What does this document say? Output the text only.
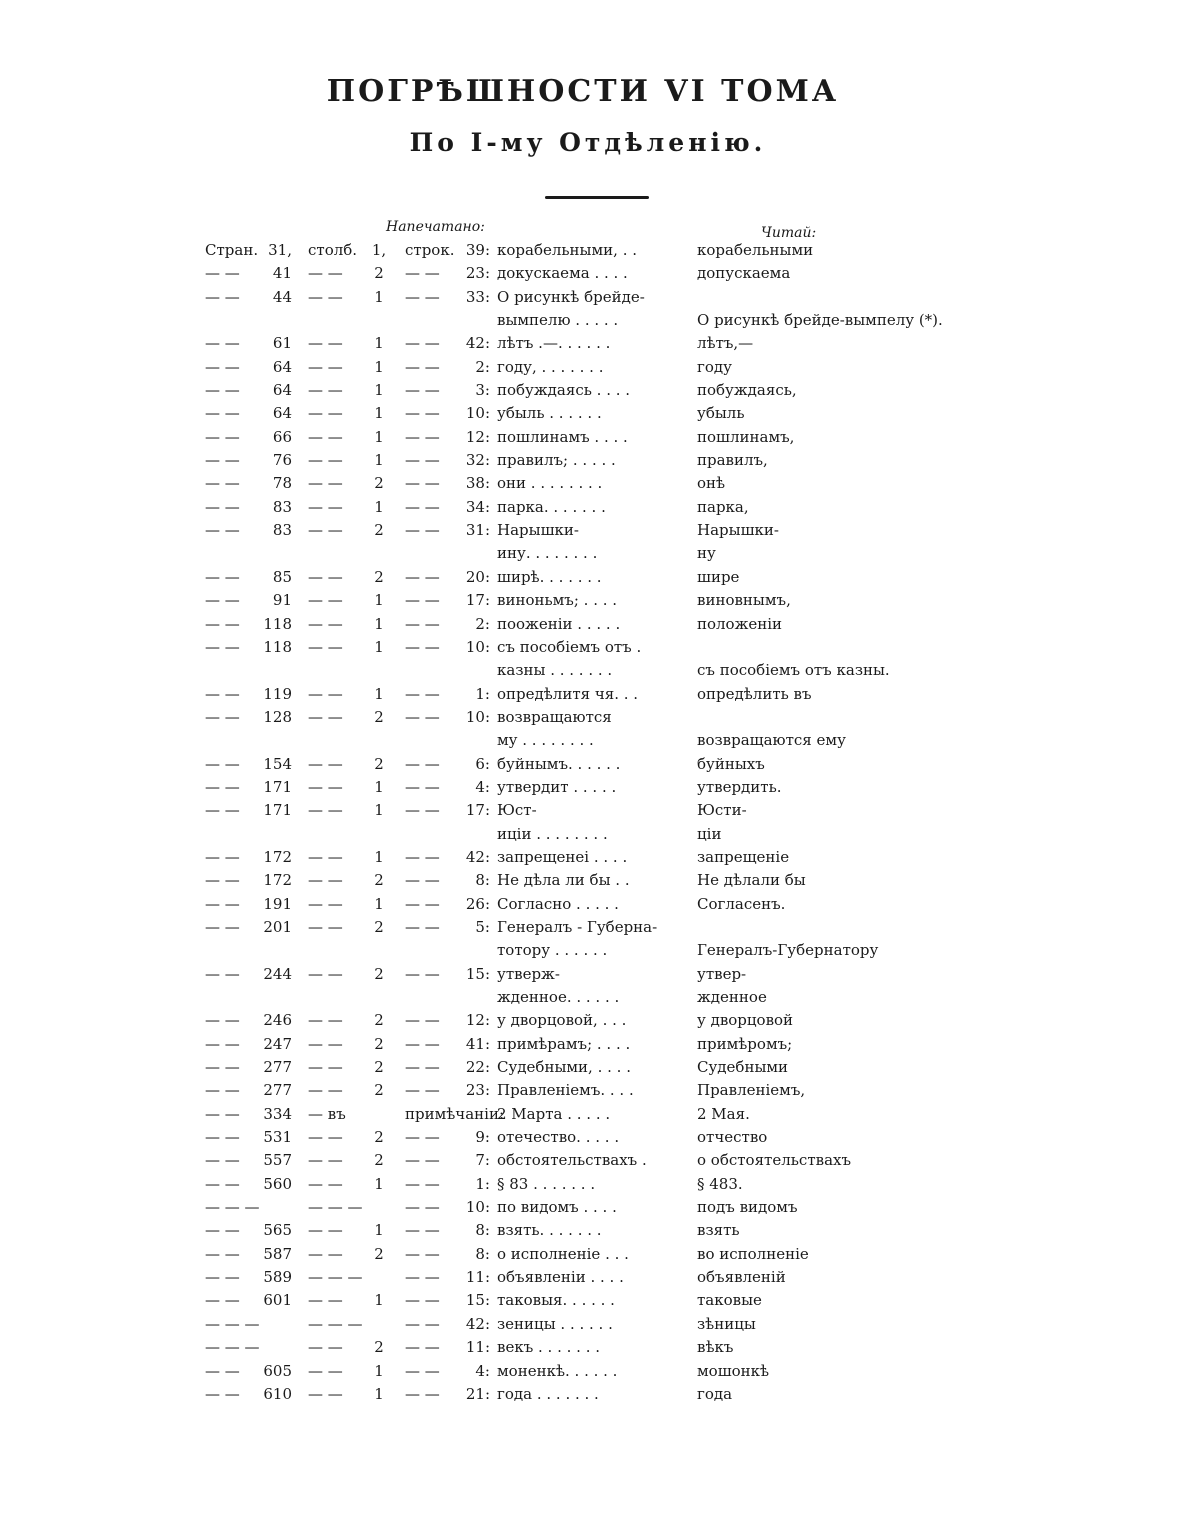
ПОГРѢШНОСТИ VI ТОМА
По I-му Отдѣленію.
Напечатано:	Читай:
Стран. 31, столб. 1, строк. 39: корабельными, . .	корабельными
— —	41 — —	2 — —	23: докускаема . . . .	допускаема
— —	44 — —	1 — —	33: О рисункѣ брейде-
вымпелю . . . . .	О рисункѣ брейде-вымпелу (*).
— —	61 — —	1 — —	42: лѣтъ .—. . . . . .	лѣтъ,—
— —	64 — —	1 — —	2: году, . . . . . . .	году
— —	64 — —	1 — —	3: побуждаясь . . . .	побуждаясь,
— —	64 — —	1 — —	10: убыль . . . . . .	убыль
— —	66 — —	1 — —	12: пошлинамъ . . . .	пошлинамъ,
— —	76 — —	1 — —	32: правилъ; . . . . .	правилъ,
— —	78 — —	2 — —	38: они . . . . . . . .	онѣ
— —	83 — —	1 — —	34: парка. . . . . . .	парка,
— —	83 — —	2 — —	31: Нарышки-	Нарышки-
ину. . . . . . . .	ну
— —	85 — —	2 — —	20: ширѣ. . . . . . .	шире
— —	91 — —	1 — —	17: виноньмъ; . . . .	виновнымъ,
— —	118 — —	1 — —	2: пооженіи . . . . .	положеніи
— —	118 — —	1 — —	10: съ пособіемъ отъ .
казны . . . . . . .	съ пособіемъ отъ казны.
— —	119 — —	1 — —	1: опредѣлитя чя. . .	опредѣлить въ
— —	128 — —	2 — —	10: возвращаются
му . . . . . . . .	возвращаются ему
— —	154 — —	2 — —	6: буйнымъ. . . . . .	буйныхъ
— —	171 — —	1 — —	4: утвердит . . . . .	утвердить.
— —	171 — —	1 — —	17: Юст-	Юсти-
иціи . . . . . . . .	ціи
— —	172 — —	1 — —	42: запрещенеі . . . .	запрещеніе
— —	172 — —	2 — —	8: Не дѣла ли бы . .	Не дѣлали бы
— —	191 — —	1 — —	26: Согласно . . . . .	Согласенъ.
— —	201 — —	2 — —	5: Генералъ - Губерна-
тотору . . . . . .	Генералъ-Губернатору
— —	244 — —	2 — —	15: утверж-	утвер-
жденное. . . . . .	жденное
— —	246 — —	2 — —	12: у дворцовой, . . .	у дворцовой
— —	247 — —	2 — —	41: примѣрамъ; . . . .	примѣромъ;
— —	277 — —	2 — —	22: Судебными, . . . .	Судебными
— —	277 — —	2 — —	23: Правленіемъ. . . .	Правленіемъ,
— —	334 — въ	примѣчаніи:
2 Марта . . . . .	2 Мая.
— —	531 — —	2 — —	9: отечество. . . . .	отчество
— —	557 — —	2 — —	7: обстоятельствахъ .	о обстоятельствахъ
— —	560 — —	1 — —	1: § 83 . . . . . . .	§ 483.
— — —	— — —	— —	10: по видомъ . . . .	подъ видомъ
— —	565 — —	1 — —	8: взять. . . . . . .	взять
— —	587 — —	2 — —	8: о исполненіе . . .	во исполненіе
— —	589 — — —	— —	11: объявленіи . . . .	объявленій
— —	601 — —	1 — —	15: таковыя. . . . . .	таковые
— — —	— — —	— —	42: зеницы . . . . . .	зѣницы
— — —	— —	2 — —	11: векъ . . . . . . .	вѣкъ
— —	605 — —	1 — —	4: моненкѣ. . . . . .	мошонкѣ
— —	610 — —	1 — —	21: года . . . . . . .	года
